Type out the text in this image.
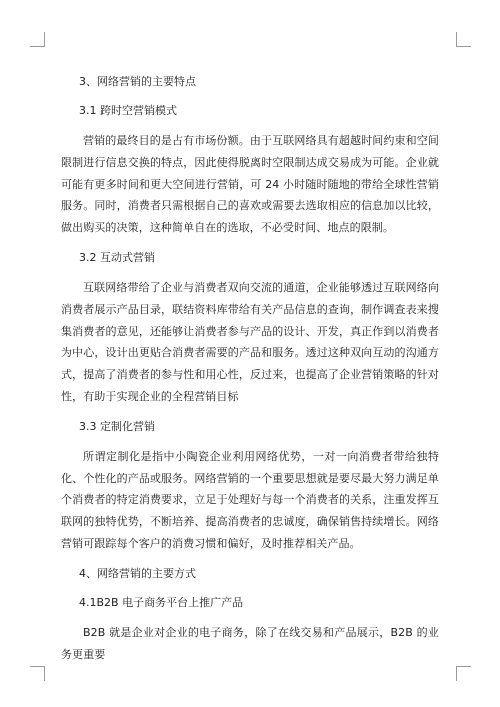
3、网络营销的主要特点
3.1 跨时空营销模式

营销的最终目的是占有市场份额。由于互联网络具有超越时间约束和空间限制进行信息交换的特点，因此使得脱离时空限制达成交易成为可能。企业就可能有更多时间和更大空间进行营销，可 24 小时随时随地的带给全球性营销服务。同时，消费者只需根据自己的喜欢或需要去选取相应的信息加以比较，做出购买的决策，这种简单自在的选取，不必受时间、地点的限制。

3.2 互动式营销

互联网络带给了企业与消费者双向交流的通道，企业能够透过互联网络向消费者展示产品目录，联结资料库带给有关产品信息的查询，制作调查表来搜集消费者的意见，还能够让消费者参与产品的设计、开发，真正作到以消费者为中心，设计出更贴合消费者需要的产品和服务。透过这种双向互动的沟通方式，提高了消费者的参与性和用心性，反过来，也提高了企业营销策略的针对性，有助于实现企业的全程营销目标

3.3 定制化营销

所谓定制化是指中小陶瓷企业利用网络优势，一对一向消费者带给独特化、个性化的产品或服务。网络营销的一个重要思想就是要尽最大努力满足单个消费者的特定消费要求，立足于处理好与每一个消费者的关系，注重发挥互联网的独特优势，不断培养、提高消费者的忠诚度，确保销售持续增长。网络营销可跟踪每个客户的消费习惯和偏好，及时推荐相关产品。

4、网络营销的主要方式
4.1B2B 电子商务平台上推广产品

B2B 就是企业对企业的电子商务，除了在线交易和产品展示，B2B 的业务更重要
